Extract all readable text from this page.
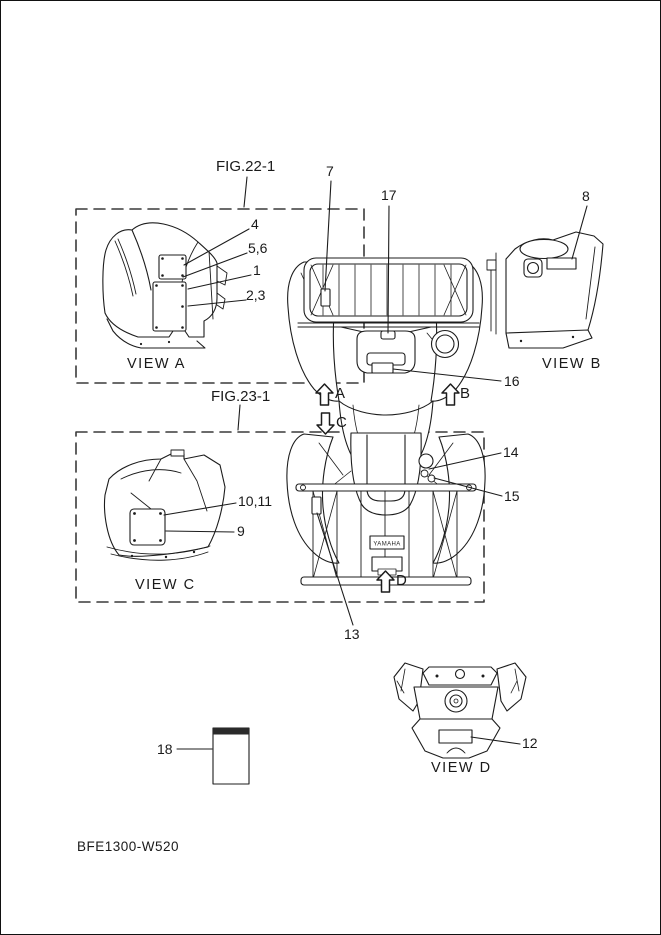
YAMAHA
FIG.22-1
FIG.23-1
7
17	8
4
5,6
1
2,3
16
14
15
10,11
9
13
12
18
VIEW A	VIEW B
VIEW C
VIEW D
A	B
C
D
BFE1300-W520
